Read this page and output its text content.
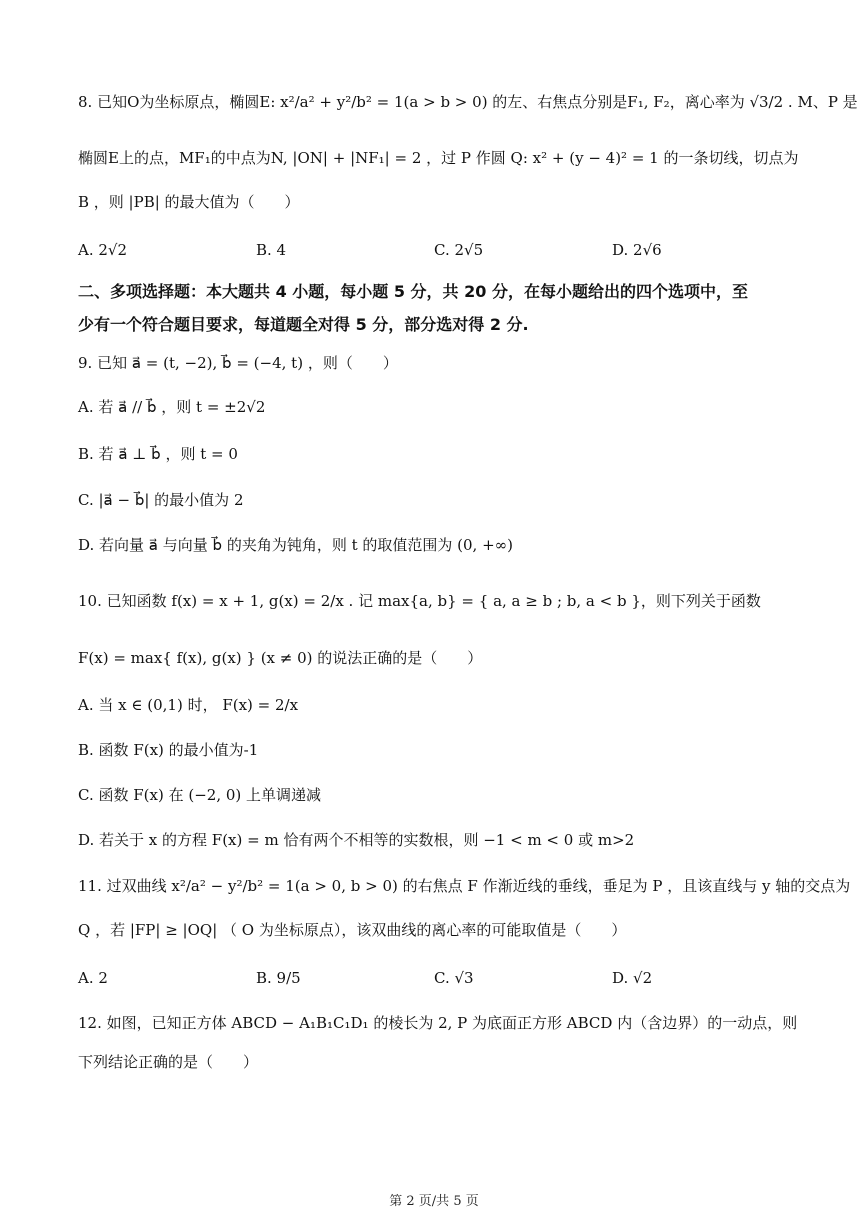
8. 已知O为坐标原点，椭圆E: x²/a² + y²/b² = 1(a > b > 0) 的左、右焦点分别是F₁, F₂，离心率为 √3/2 . M、P 是
椭圆E上的点，MF₁的中点为N, |ON| + |NF₁| = 2 ，过 P 作圆 Q: x² + (y − 4)² = 1 的一条切线，切点为
B ，则 |PB| 的最大值为（　　）
A. 2√2	B. 4	C. 2√5	D. 2√6
二、多项选择题：本大题共 4 小题，每小题 5 分，共 20 分，在每小题给出的四个选项中，至
少有一个符合题目要求，每道题全对得 5 分，部分选对得 2 分.
9. 已知 a⃗ = (t, −2), b⃗ = (−4, t) ，则（　　）
A. 若 a⃗ // b⃗ ，则 t = ±2√2
B. 若 a⃗ ⊥ b⃗ ，则 t = 0
C. |a⃗ − b⃗| 的最小值为 2
D. 若向量 a⃗ 与向量 b⃗ 的夹角为钝角，则 t 的取值范围为 (0, +∞)
10. 已知函数 f(x) = x + 1, g(x) = 2/x . 记 max{a, b} = { a, a ≥ b ; b, a < b }，则下列关于函数
F(x) = max{ f(x), g(x) } (x ≠ 0) 的说法正确的是（　　）
A. 当 x ∈ (0,1) 时， F(x) = 2/x
B. 函数 F(x) 的最小值为-1
C. 函数 F(x) 在 (−2, 0) 上单调递减
D. 若关于 x 的方程 F(x) = m 恰有两个不相等的实数根，则 −1 < m < 0 或 m>2
11. 过双曲线 x²/a² − y²/b² = 1(a > 0, b > 0) 的右焦点 F 作渐近线的垂线，垂足为 P ，且该直线与 y 轴的交点为
Q ，若 |FP| ≥ |OQ| （ O 为坐标原点），该双曲线的离心率的可能取值是（　　）
A. 2	B. 9/5	C. √3	D. √2
12. 如图，已知正方体 ABCD − A₁B₁C₁D₁ 的棱长为 2, P 为底面正方形 ABCD 内（含边界）的一动点，则
下列结论正确的是（　　）
第 2 页/共 5 页
